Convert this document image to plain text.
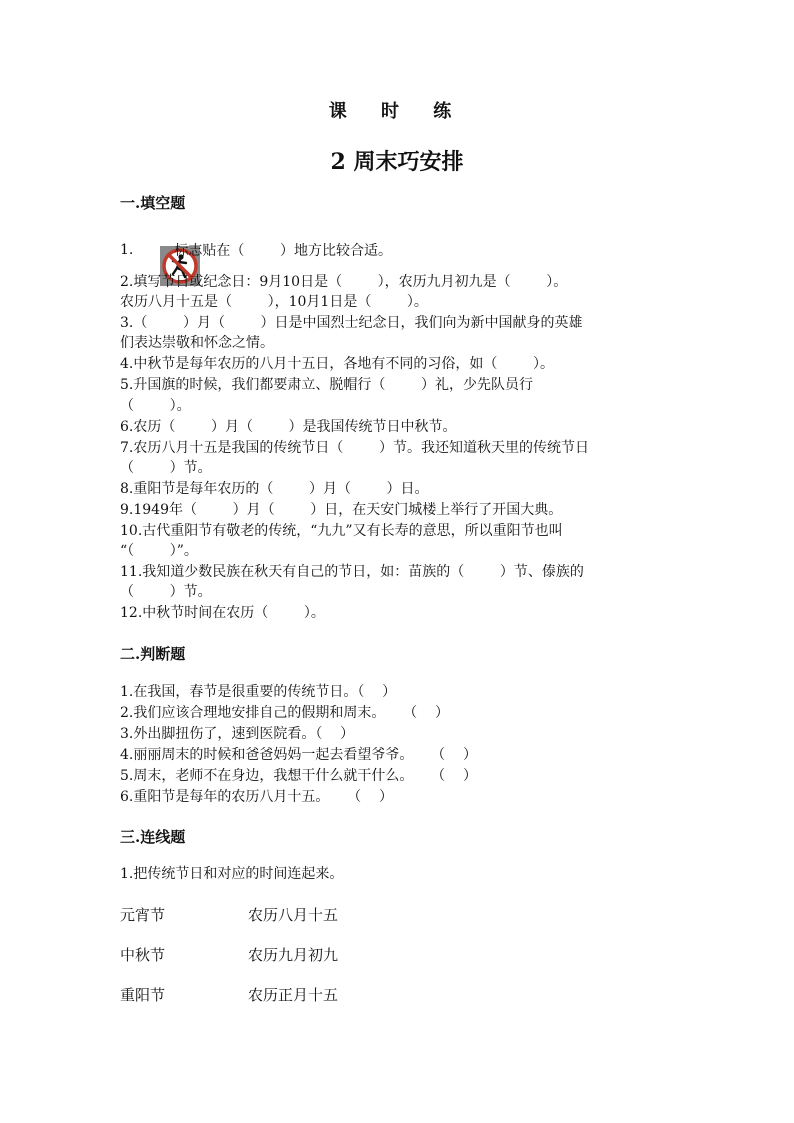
课 时 练
2 周末巧安排
一.填空题
1.

	标志贴在（        ）地方比较合适。
2.填写节日或纪念日：9月10日是（        ），农历九月初九是（        ）。
农历八月十五是（        ），10月1日是（        ）。
3.（        ）月（        ）日是中国烈士纪念日，我们向为新中国献身的英雄
们表达崇敬和怀念之情。
4.中秋节是每年农历的八月十五日，各地有不同的习俗，如（        ）。
5.升国旗的时候，我们都要肃立、脱帽行（        ）礼，少先队员行
（        ）。
6.农历（        ）月（        ）是我国传统节日中秋节。
7.农历八月十五是我国的传统节日（        ）节。我还知道秋天里的传统节日
（        ）节。
8.重阳节是每年农历的（        ）月（        ）日。
9.1949年（        ）月（        ）日，在天安门城楼上举行了开国大典。
10.古代重阳节有敬老的传统，“九九”又有长寿的意思，所以重阳节也叫
“（        ）”。
11.我知道少数民族在秋天有自己的节日，如：苗族的（        ）节、傣族的
（        ）节。
12.中秋节时间在农历（        ）。
二.判断题
1.在我国，春节是很重要的传统节日。（    ）
2.我们应该合理地安排自己的假期和周末。    （    ）
3.外出脚扭伤了，速到医院看。（    ）
4.丽丽周末的时候和爸爸妈妈一起去看望爷爷。    （    ）
5.周末，老师不在身边，我想干什么就干什么。    （    ）
6.重阳节是每年的农历八月十五。    （    ）
三.连线题
1.把传统节日和对应的时间连起来。
元宵节	农历八月十五
中秋节	农历九月初九
重阳节	农历正月十五
